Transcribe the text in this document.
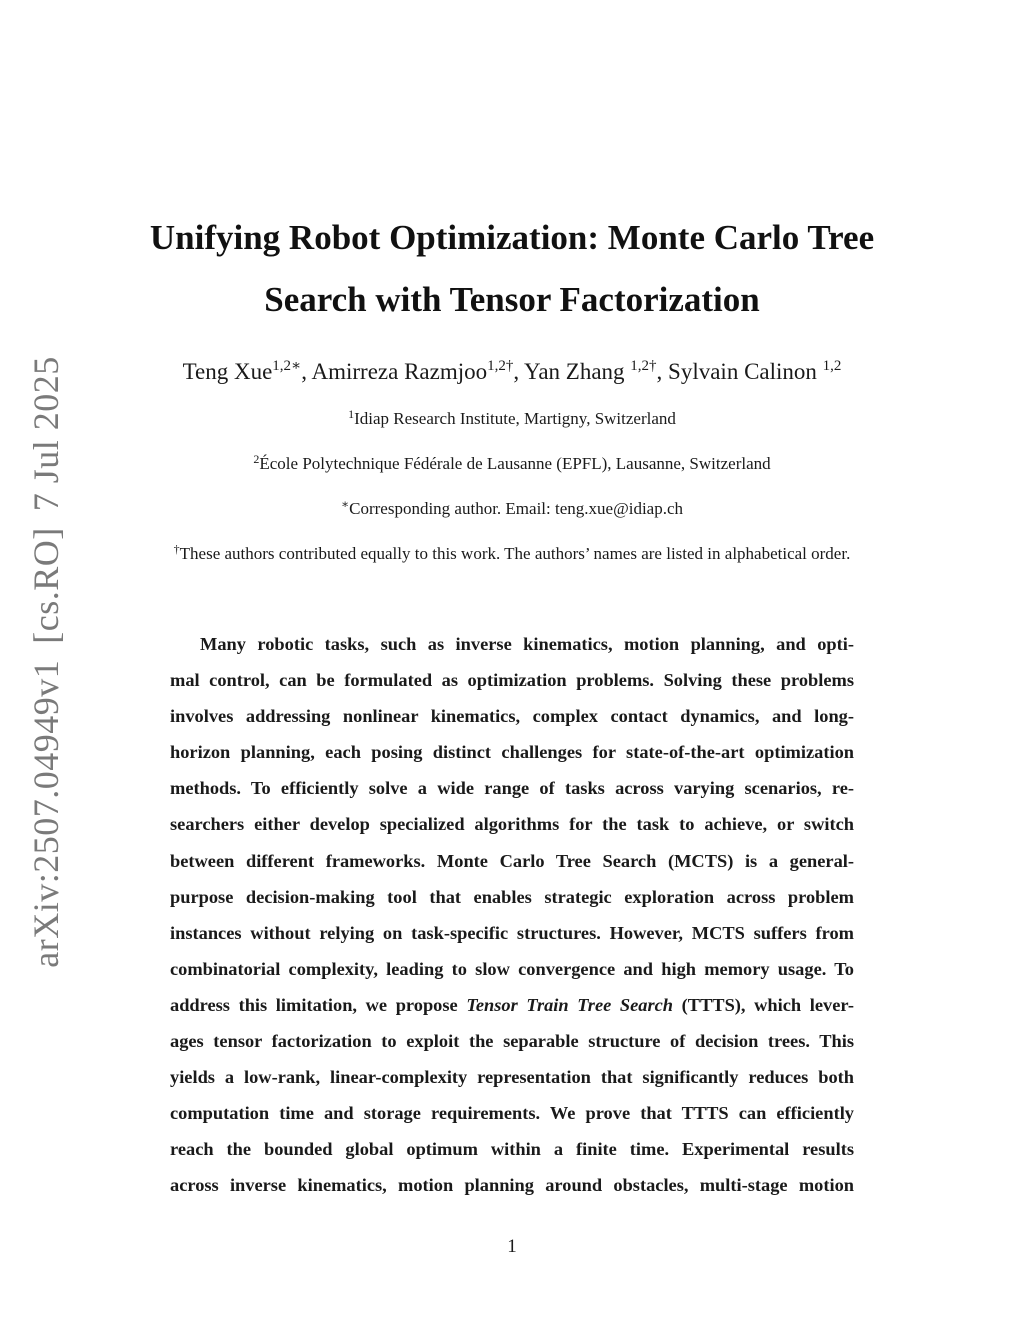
arXiv:2507.04949v1[cs.RO]7 Jul 2025
Unifying Robot Optimization: Monte Carlo Tree
Search with Tensor Factorization
Teng Xue$^{1,2∗}$, Amirreza Razmjoo$^{1,2\dagger}$, Yan Zhang $^{1,2\dagger}$, Sylvain Calinon $^{1,2}$
$^1$Idiap Research Institute, Martigny, Switzerland
$^2$École Polytechnique Fédérale de Lausanne (EPFL), Lausanne, Switzerland
∗Corresponding author. Email: teng.xue@idiap.ch
†These authors contributed equally to this work. The authors’ names are listed in alphabetical order.
Many robotic tasks, such as inverse kinematics, motion planning, and opti-
mal control, can be formulated as optimization problems. Solving these problems
involves addressing nonlinear kinematics, complex contact dynamics, and long-
horizon planning, each posing distinct challenges for state-of-the-art optimization
methods. To efficiently solve a wide range of tasks across varying scenarios, re-
searchers either develop specialized algorithms for the task to achieve, or switch
between different frameworks. Monte Carlo Tree Search (MCTS) is a general-
purpose decision-making tool that enables strategic exploration across problem
instances without relying on task-specific structures. However, MCTS suffers from
combinatorial complexity, leading to slow convergence and high memory usage. To
address this limitation, we propose Tensor Train Tree Search (TTTS), which lever-
ages tensor factorization to exploit the separable structure of decision trees. This
yields a low-rank, linear-complexity representation that significantly reduces both
computation time and storage requirements. We prove that TTTS can efficiently
reach the bounded global optimum within a finite time. Experimental results
across inverse kinematics, motion planning around obstacles, multi-stage motion
1
